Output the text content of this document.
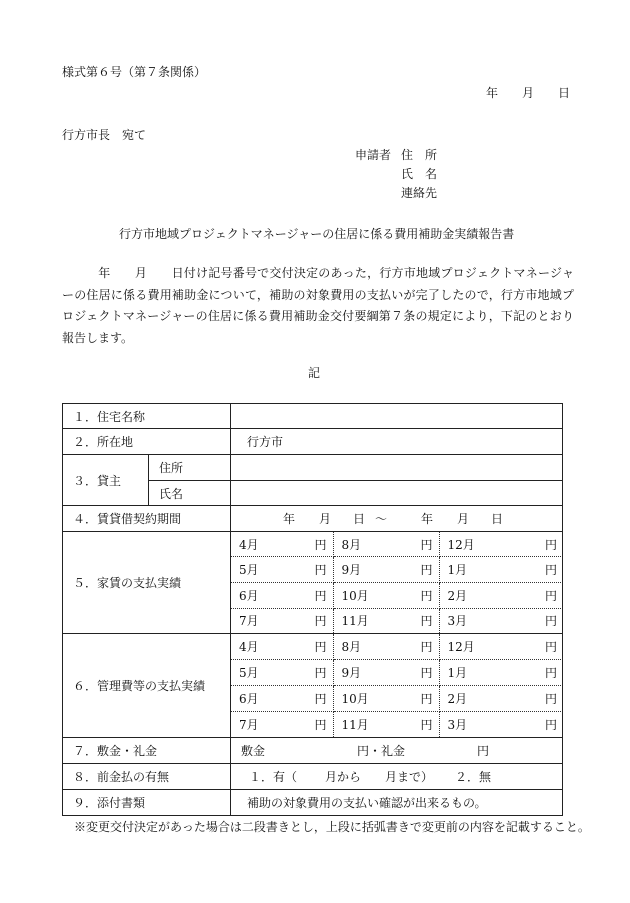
様式第６号（第７条関係）
年 月 日
行方市長　宛て
申請者 住　所
氏　名
連絡先
行方市地域プロジェクトマネージャーの住居に係る費用補助金実績報告書
年　　月　　日付け記号番号で交付決定のあった，行方市地域プロジェクトマネージャーの住居に係る費用補助金について，補助の対象費用の支払いが完了したので，行方市地域プロジェクトマネージャーの住居に係る費用補助金交付要綱第７条の規定により，下記のとおり報告します。
記
１．住宅名称	
２．所在地	行方市
３．貸主	住所	
氏名	
４．賃貸借契約期間	年 月 日 ～	年 月 日
５．家賃の支払実績	
4月	円	8月	円	12月	円

5月	円	9月	円	1月	円

6月	円	10月	円	2月	円

7月	円	11月	円	3月	円

６．管理費等の支払実績	
4月	円	8月	円	12月	円

5月	円	9月	円	1月	円

6月	円	10月	円	2月	円

7月	円	11月	円	3月	円

７．敷金・礼金	敷金	円・礼金	円
８．前金払の有無	１．有（ 月から 月まで） ２．無
９．添付書類	補助の対象費用の支払い確認が出来るもの。
※変更交付決定があった場合は二段書きとし，上段に括弧書きで変更前の内容を記載すること。
